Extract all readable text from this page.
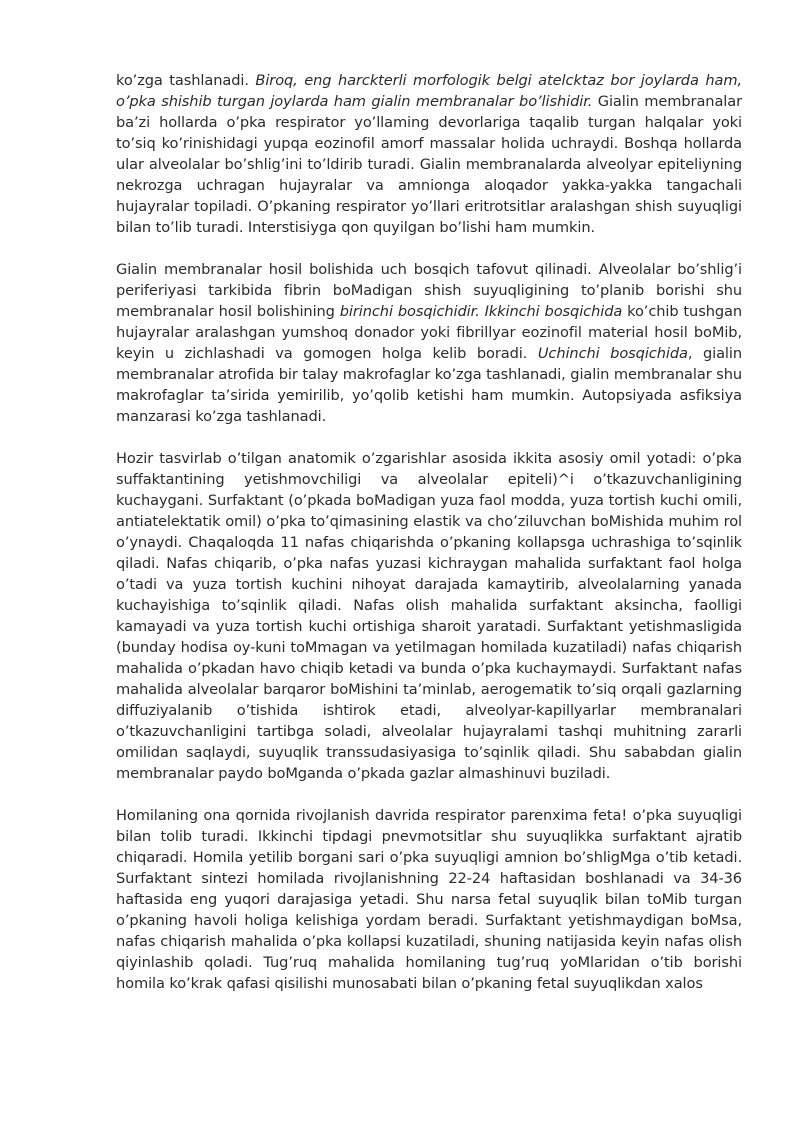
ko’zga tashlanadi. Biroq, eng harckterli morfologik belgi atelcktaz bor joylarda ham, o’pka shishib turgan joylarda ham gialin membranalar bo’lishidir. Gialin membranalar ba’zi hollarda o’pka respirator yo’llaming devorlariga taqalib turgan halqalar yoki to’siq ko’rinishidagi yupqa eozinofil amorf massalar holida uchraydi. Boshqa hollarda ular alveolalar bo’shlig’ini to’ldirib turadi. Gialin membranalarda alveolyar epiteliyning nekrozga uchragan hujayralar va amnionga aloqador yakka-yakka tangachali hujayralar topiladi. O’pkaning respirator yo’llari eritrotsitlar aralashgan shish suyuqligi bilan to’lib turadi. Interstisiyga qon quyilgan bo’lishi ham mumkin.

Gialin membranalar hosil bolishida uch bosqich tafovut qilinadi. Alveolalar bo’shlig’i periferiyasi tarkibida fibrin boMadigan shish suyuqligining to’planib borishi shu membranalar hosil bolishining birinchi bosqichidir. Ikkinchi bosqichida ko’chib tushgan hujayralar aralashgan yumshoq donador yoki fibrillyar eozinofil material hosil boMib, keyin u zichlashadi va gomogen holga kelib boradi. Uchinchi bosqichida, gialin membranalar atrofida bir talay makrofaglar ko’zga tashlanadi, gialin membranalar shu makrofaglar ta’sirida yemirilib, yo’qolib ketishi ham mumkin. Autopsiyada asfiksiya manzarasi ko’zga tashlanadi.

Hozir tasvirlab o’tilgan anatomik o’zgarishlar asosida ikkita asosiy omil yotadi: o’pka suffaktantining yetishmovchiligi va alveolalar epiteli)^i o’tkazuvchanligining kuchaygani. Surfaktant (o’pkada boMadigan yuza faol modda, yuza tortish kuchi omili, antiatelektatik omil) o’pka to’qimasining elastik va cho’ziluvchan boMishida muhim rol o’ynaydi. Chaqaloqda 11 nafas chiqarishda o’pkaning kollapsga uchrashiga to’sqinlik qiladi. Nafas chiqarib, o’pka nafas yuzasi kichraygan mahalida surfaktant faol holga o’tadi va yuza tortish kuchini nihoyat darajada kamaytirib, alveolalarning yanada kuchayishiga to’sqinlik qiladi. Nafas olish mahalida surfaktant aksincha, faolligi kamayadi va yuza tortish kuchi ortishiga sharoit yaratadi. Surfaktant yetishmasligida (bunday hodisa oy-kuni toMmagan va yetilmagan homilada kuzatiladi) nafas chiqarish mahalida o’pkadan havo chiqib ketadi va bunda o’pka kuchaymaydi. Surfaktant nafas mahalida alveolalar barqaror boMishini ta’minlab, aerogematik to’siq orqali gazlarning diffuziyalanib o’tishida ishtirok etadi, alveolyar-kapillyarlar membranalari o’tkazuvchanligini tartibga soladi, alveolalar hujayralami tashqi muhitning zararli omilidan saqlaydi, suyuqlik transsudasiyasiga to’sqinlik qiladi. Shu sababdan gialin membranalar paydo boMganda o’pkada gazlar almashinuvi buziladi.

Homilaning ona qornida rivojlanish davrida respirator parenxima feta! o’pka suyuqligi bilan tolib turadi. Ikkinchi tipdagi pnevmotsitlar shu suyuqlikka surfaktant ajratib chiqaradi. Homila yetilib borgani sari o’pka suyuqligi amnion bo’shligMga o’tib ketadi. Surfaktant sintezi homilada rivojlanishning 22-24 haftasidan boshlanadi va 34-36 haftasida eng yuqori darajasiga yetadi. Shu narsa fetal suyuqlik bilan toMib turgan o’pkaning havoli holiga kelishiga yordam beradi. Surfaktant yetishmaydigan boMsa, nafas chiqarish mahalida o’pka kollapsi kuzatiladi, shuning natijasida keyin nafas olish qiyinlashib qoladi. Tug’ruq mahalida homilaning tug’ruq yoMlaridan o’tib borishi homila ko’krak qafasi qisilishi munosabati bilan o’pkaning fetal suyuqlikdan xalos
